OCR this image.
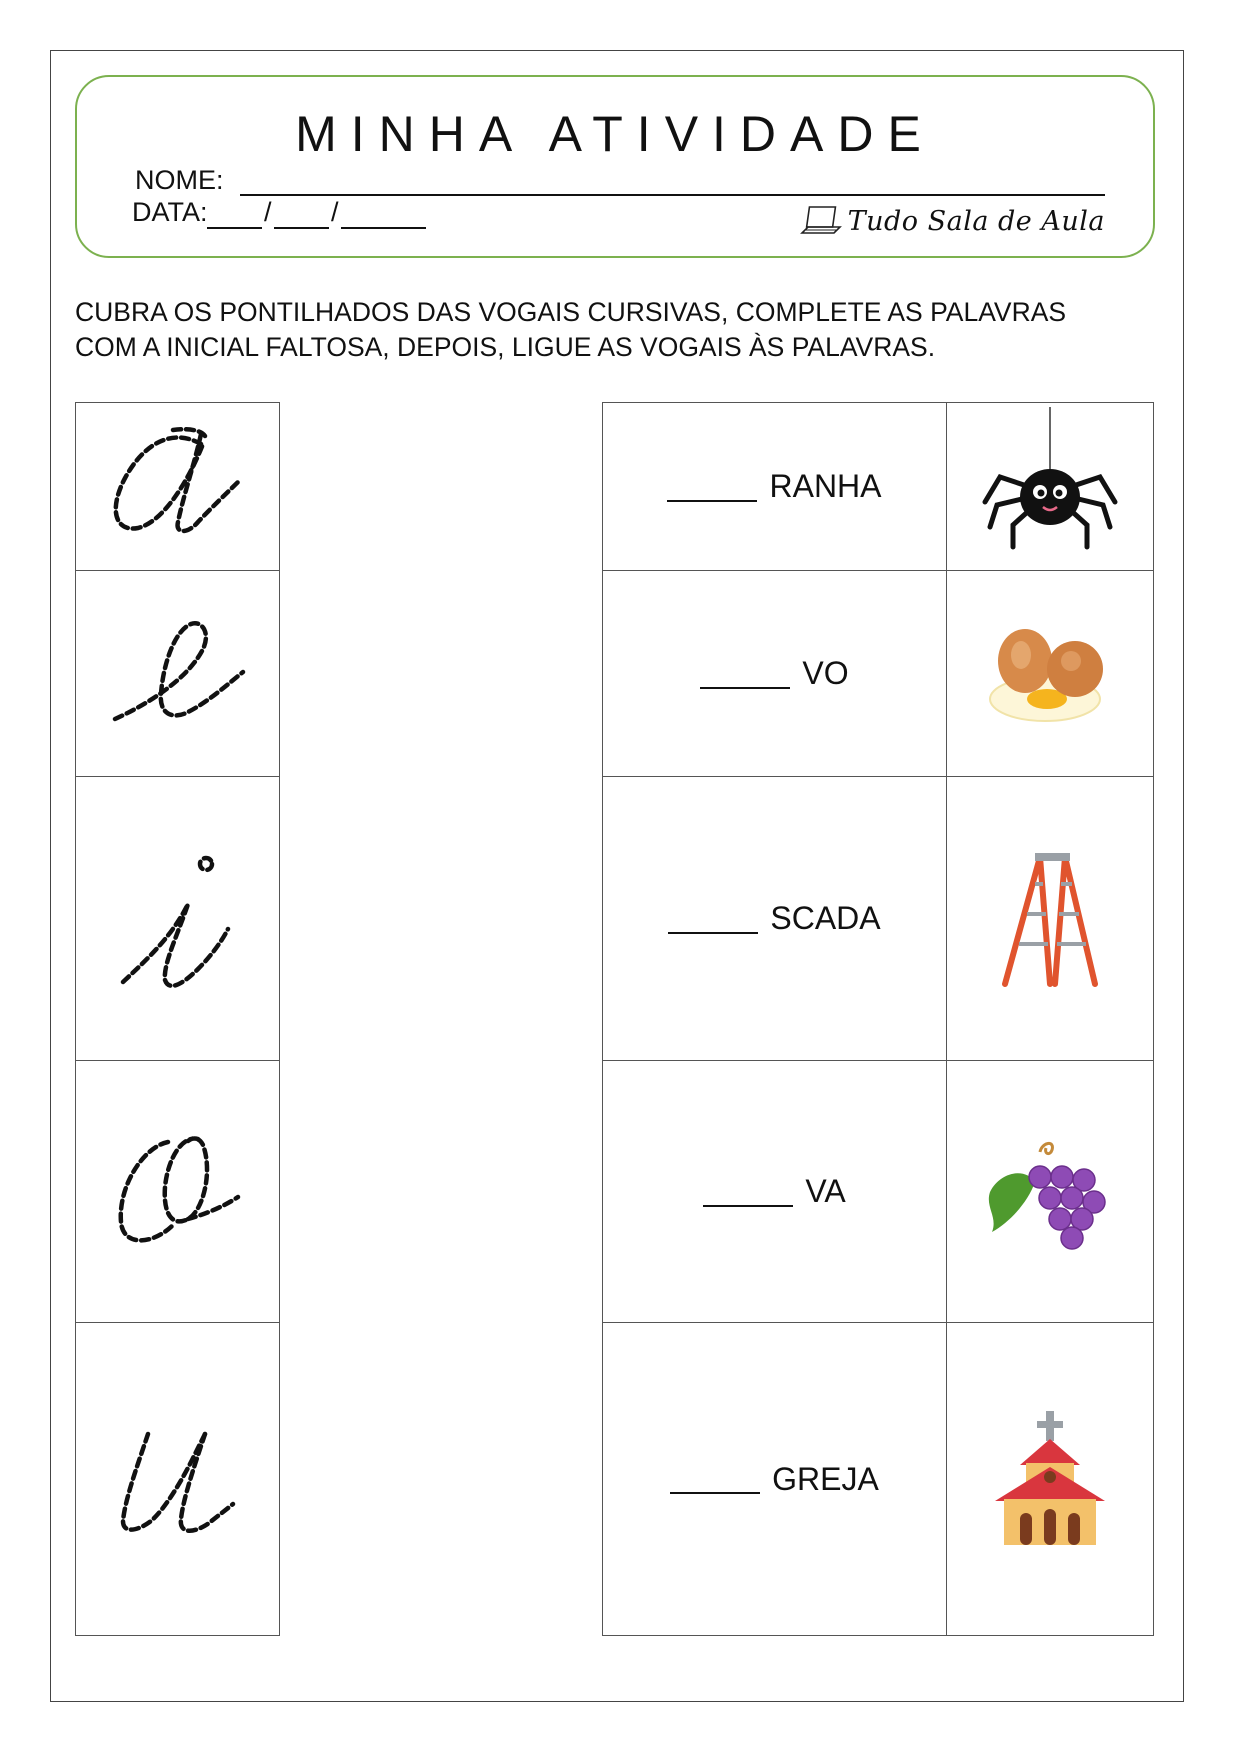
MINHA ATIVIDADE
NOME:
DATA: / /	Tudo Sala de Aula
CUBRA OS PONTILHADOS DAS VOGAIS CURSIVAS, COMPLETE AS PALAVRAS
COM A INICIAL FALTOSA, DEPOIS, LIGUE AS VOGAIS ÀS PALAVRAS.
RANHA
VO
SCADA
VA
GREJA
